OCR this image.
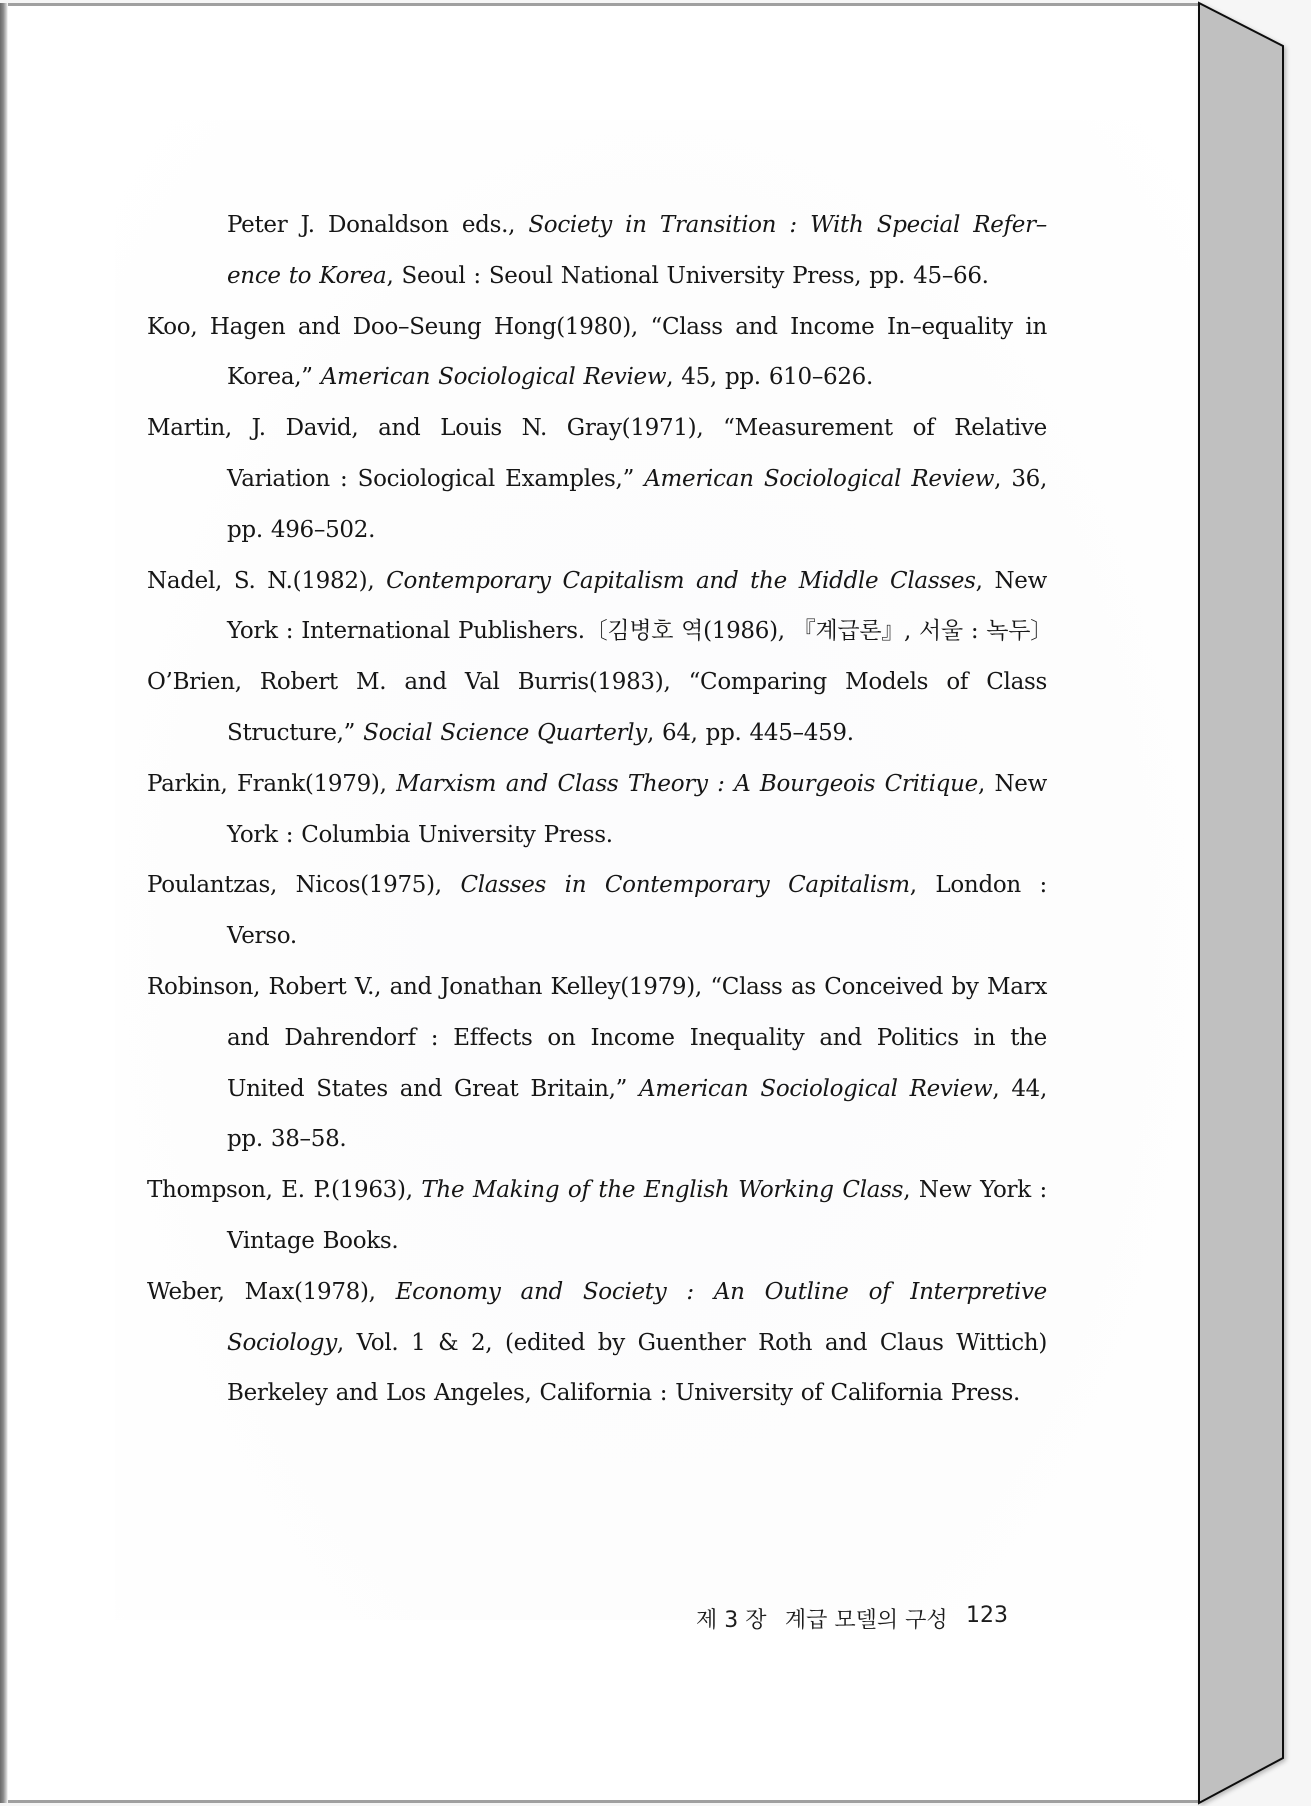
Peter J. Donaldson eds., Society in Transition : With Special Refer–ence to Korea, Seoul : Seoul National University Press, pp. 45–66.

Koo, Hagen and Doo–Seung Hong(1980), “Class and Income In–equality in Korea,” American Sociological Review, 45, pp. 610–626.

Martin, J. David, and Louis N. Gray(1971), “Measurement of Relative Variation : Sociological Examples,” American Sociological Review, 36, pp. 496–502.

Nadel, S. N.(1982), Contemporary Capitalism and the Middle Classes, New York : International Publishers.〔김병호 역(1986), 『계급론』, 서울 : 녹두〕

O’Brien, Robert M. and Val Burris(1983), “Comparing Models of Class Structure,” Social Science Quarterly, 64, pp. 445–459.

Parkin, Frank(1979), Marxism and Class Theory : A Bourgeois Critique, New York : Columbia University Press.

Poulantzas, Nicos(1975), Classes in Contemporary Capitalism, London : Verso.

Robinson, Robert V., and Jonathan Kelley(1979), “Class as Conceived by Marx and Dahrendorf : Effects on Income Inequality and Politics in the United States and Great Britain,” American Sociological Review, 44, pp. 38–58.

Thompson, E. P.(1963), The Making of the English Working Class, New York : Vintage Books.

Weber, Max(1978), Economy and Society : An Outline of Interpretive Sociology, Vol. 1 & 2, (edited by Guenther Roth and Claus Wittich) Berkeley and Los Angeles, California : University of California Press.

제 3 장 계급 모델의 구성 123
